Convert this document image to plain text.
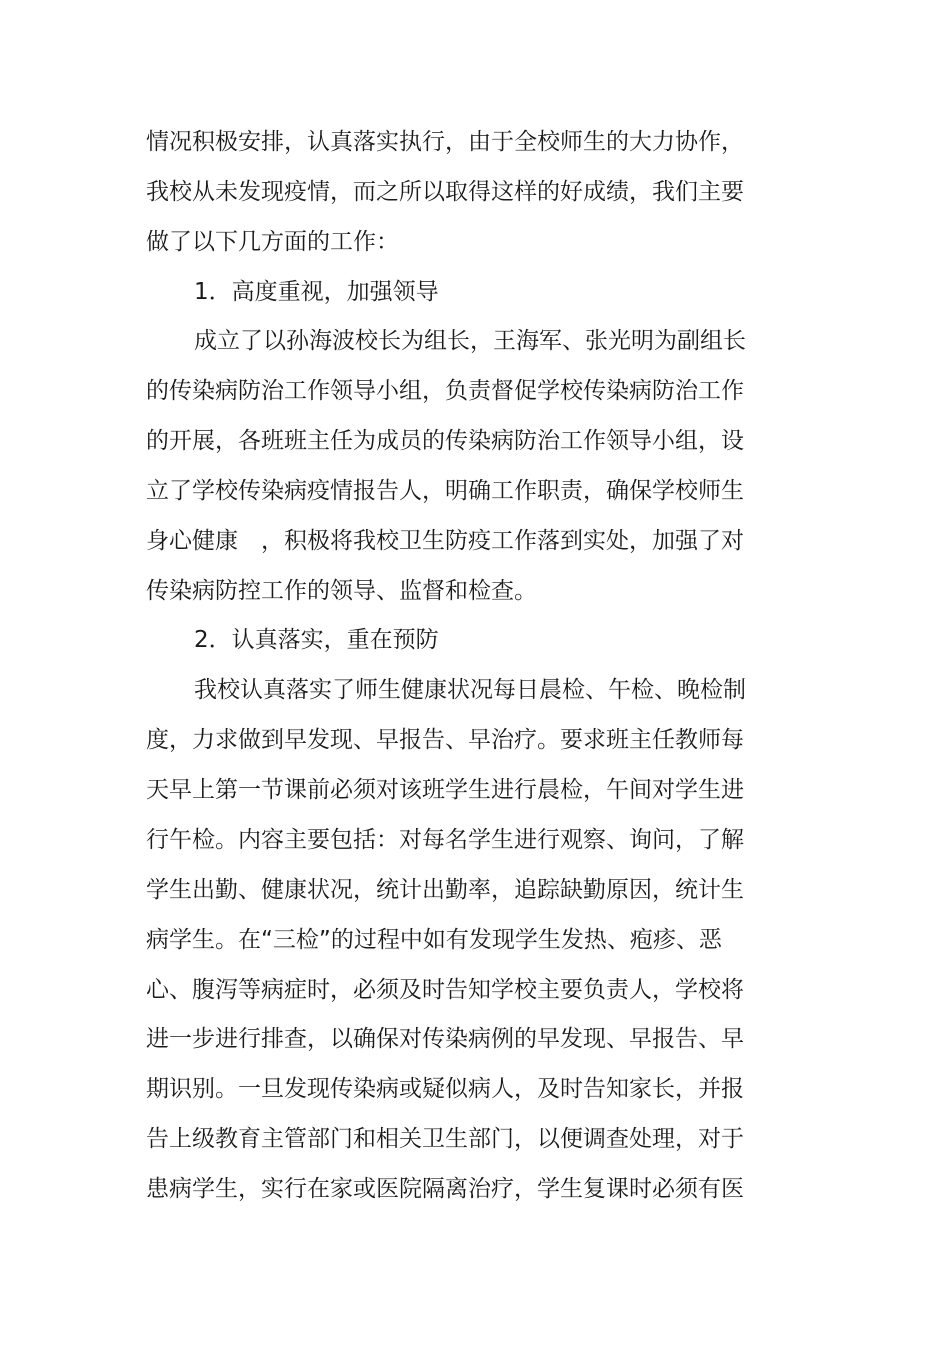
情况积极安排，认真落实执行，由于全校师生的大力协作，
我校从未发现疫情，而之所以取得这样的好成绩，我们主要
做了以下几方面的工作：
1．高度重视，加强领导
成立了以孙海波校长为组长，王海军、张光明为副组长
的传染病防治工作领导小组，负责督促学校传染病防治工作
的开展，各班班主任为成员的传染病防治工作领导小组，设
立了学校传染病疫情报告人，明确工作职责，确保学校师生
身心健康　，积极将我校卫生防疫工作落到实处，加强了对
传染病防控工作的领导、监督和检查。
2．认真落实，重在预防
我校认真落实了师生健康状况每日晨检、午检、晚检制
度，力求做到早发现、早报告、早治疗。要求班主任教师每
天早上第一节课前必须对该班学生进行晨检，午间对学生进
行午检。内容主要包括：对每名学生进行观察、询问，了解
学生出勤、健康状况，统计出勤率，追踪缺勤原因，统计生
病学生。在“三检”的过程中如有发现学生发热、疱疹、恶
心、腹泻等病症时，必须及时告知学校主要负责人，学校将
进一步进行排查，以确保对传染病例的早发现、早报告、早
期识别。一旦发现传染病或疑似病人，及时告知家长，并报
告上级教育主管部门和相关卫生部门，以便调查处理，对于
患病学生，实行在家或医院隔离治疗，学生复课时必须有医
